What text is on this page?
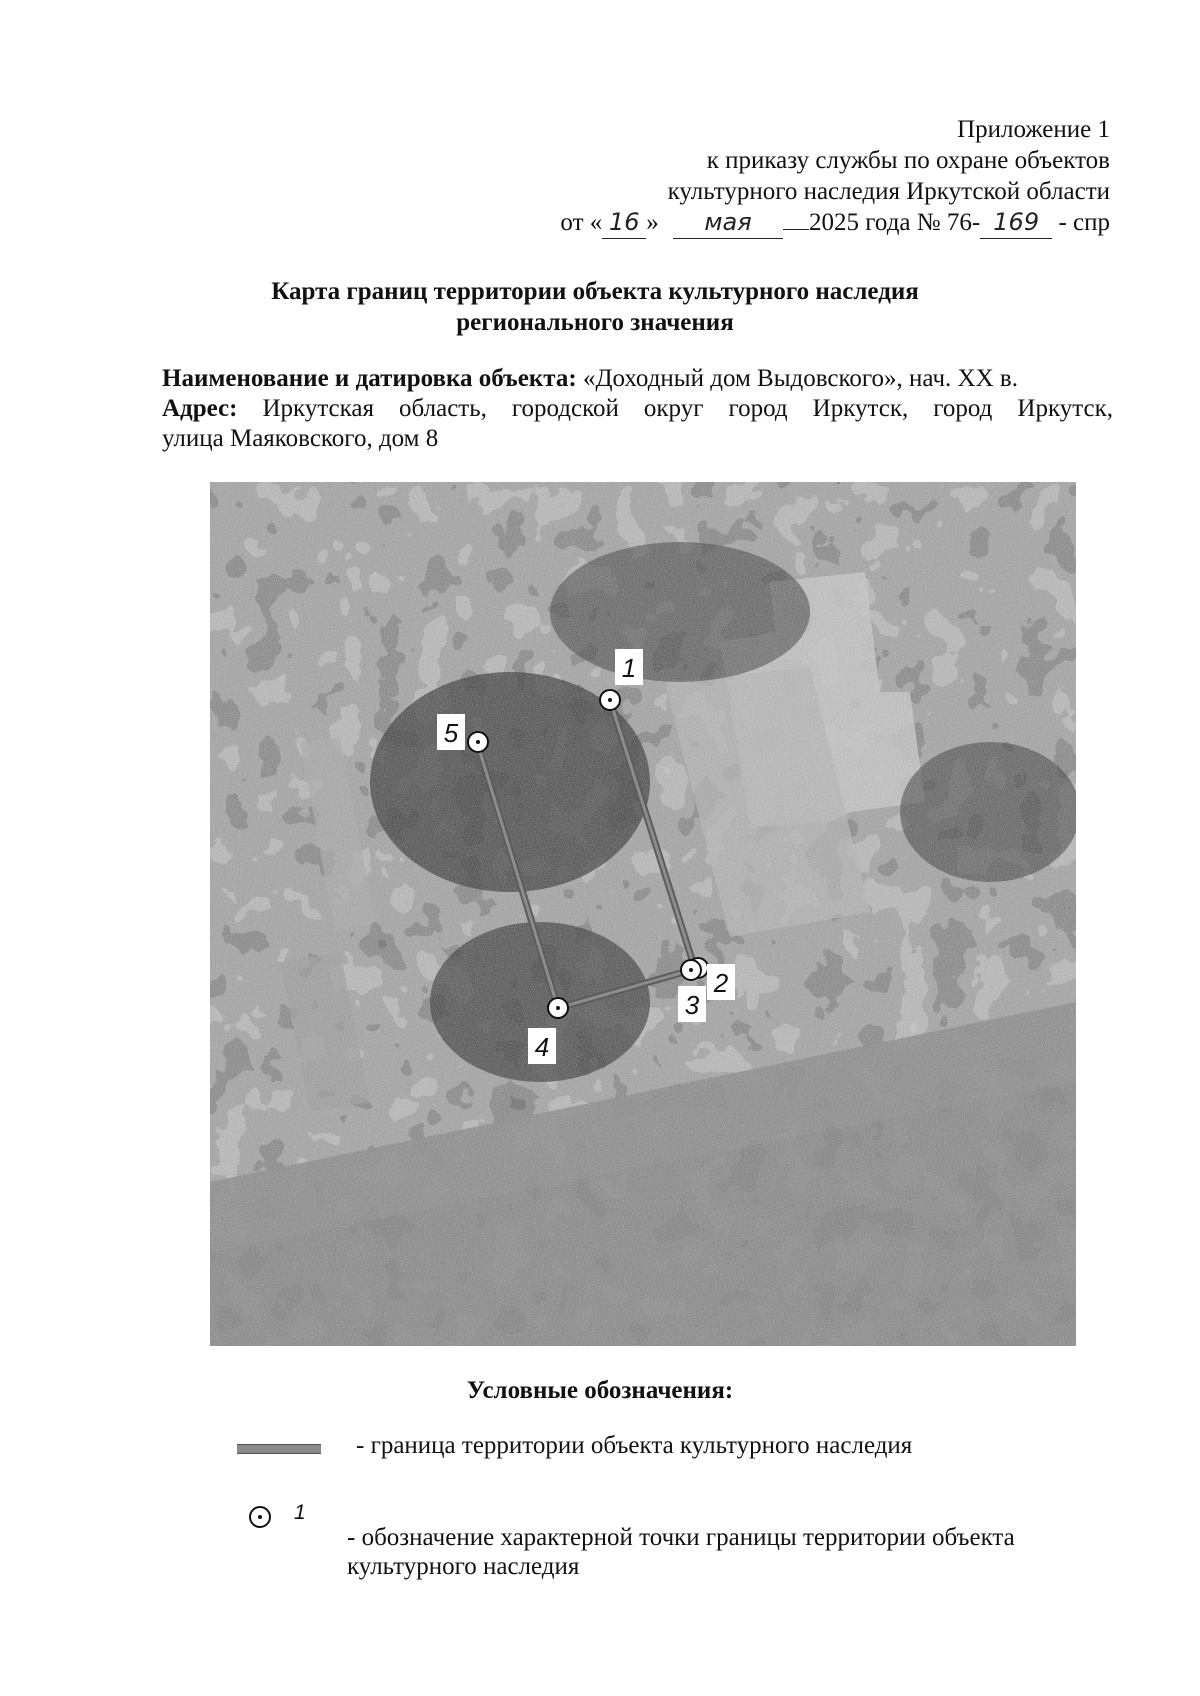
Приложение 1
к приказу службы по охране объектов
культурного наследия Иркутской области
от « 16 » мая 2025 года № 76- 169 - спр
Карта границ территории объекта культурного наследия
регионального значения
Наименование и датировка объекта: «Доходный дом Выдовского», нач. XX в.
Адрес: Иркутская область, городской округ город Иркутск, город Иркутск,
улица Маяковского, дом 8
1
2
3
4
5
Условные обозначения:
- граница территории объекта культурного наследия
1
- обозначение характерной точки границы территории объекта
культурного наследия
